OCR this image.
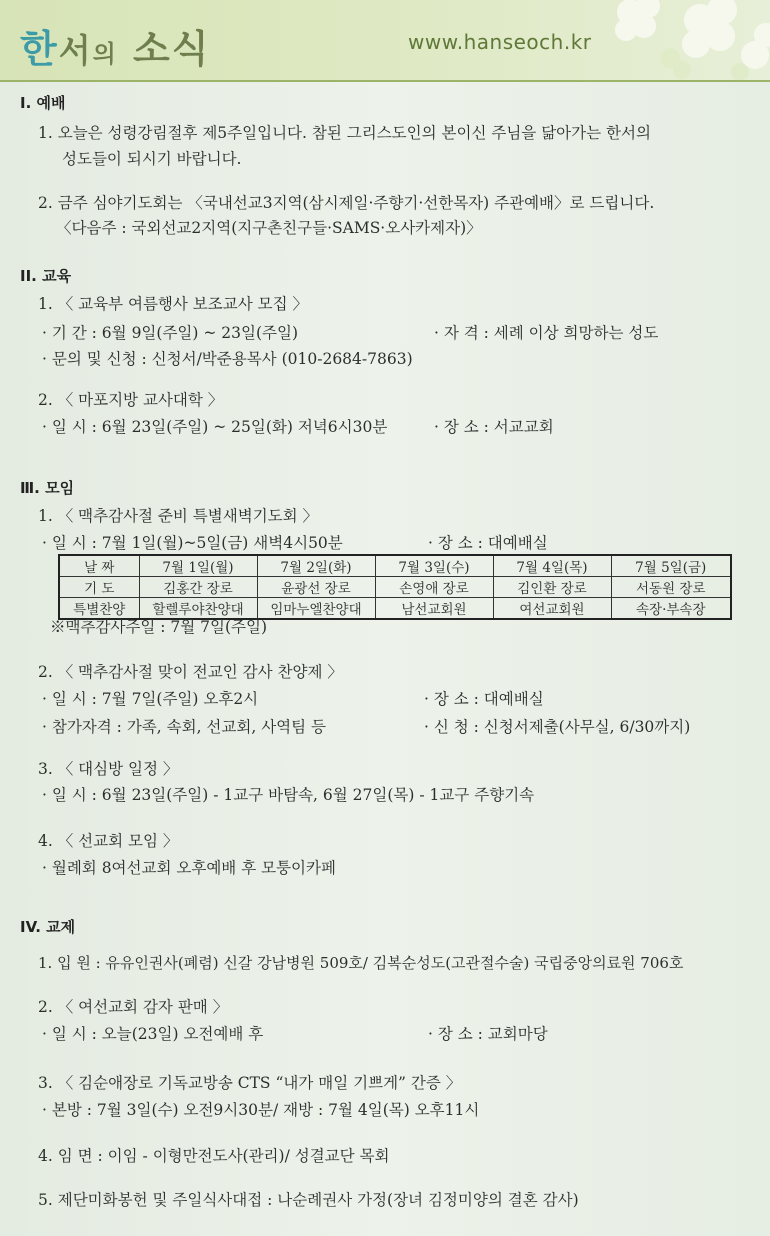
한서의 소식	www.hanseoch.kr
Ⅰ. 예배
1. 오늘은 성령강림절후 제5주일입니다. 참된 그리스도인의 본이신 주님을 닮아가는 한서의
성도들이 되시기 바랍니다.
2. 금주 심야기도회는 〈국내선교3지역(삼시제일·주향기·선한목자) 주관예배〉로 드립니다.
〈다음주 : 국외선교2지역(지구촌친구들·SAMS·오사카제자)〉
II. 교육
1. 〈 교육부 여름행사 보조교사 모집 〉
· 기 간 : 6월 9일(주일) ~ 23일(주일)	· 자 격 : 세례 이상 희망하는 성도
· 문의 및 신청 : 신청서/박준용목사 (010-2684-7863)
2. 〈 마포지방 교사대학 〉
· 일 시 : 6월 23일(주일) ~ 25일(화) 저녁6시30분	· 장 소 : 서교교회
Ⅲ. 모임
1. 〈 맥추감사절 준비 특별새벽기도회 〉
· 일 시 : 7월 1일(월)~5일(금) 새벽4시50분	· 장 소 : 대예배실
날 짜	7월 1일(월)	7월 2일(화)	7월 3일(수)	7월 4일(목)	7월 5일(금)
기 도	김홍간 장로	윤광선 장로	손영애 장로	김인환 장로	서동원 장로
특별찬양	할렐루야찬양대	임마누엘찬양대	남선교회원	여선교회원	속장·부속장
※맥추감사주일 : 7월 7일(주일)
2. 〈 맥추감사절 맞이 전교인 감사 찬양제 〉
· 일 시 : 7월 7일(주일) 오후2시	· 장 소 : 대예배실
· 참가자격 : 가족, 속회, 선교회, 사역팀 등	· 신 청 : 신청서제출(사무실, 6/30까지)
3. 〈 대심방 일정 〉
· 일 시 : 6월 23일(주일) - 1교구 바탐속, 6월 27일(목) - 1교구 주향기속
4. 〈 선교회 모임 〉
· 월례회 8여선교회 오후예배 후 모퉁이카페
IV. 교제
1. 입 원 : 유유인권사(폐렴) 신갈 강남병원 509호/ 김복순성도(고관절수술) 국립중앙의료원 706호
2. 〈 여선교회 감자 판매 〉
· 일 시 : 오늘(23일) 오전예배 후	· 장 소 : 교회마당
3. 〈 김순애장로 기독교방송 CTS “내가 매일 기쁘게” 간증 〉
· 본방 : 7월 3일(수) 오전9시30분/ 재방 : 7월 4일(목) 오후11시
4. 임 면 : 이임 - 이형만전도사(관리)/ 성결교단 목회
5. 제단미화봉헌 및 주일식사대접 : 나순례권사 가정(장녀 김정미양의 결혼 감사)
